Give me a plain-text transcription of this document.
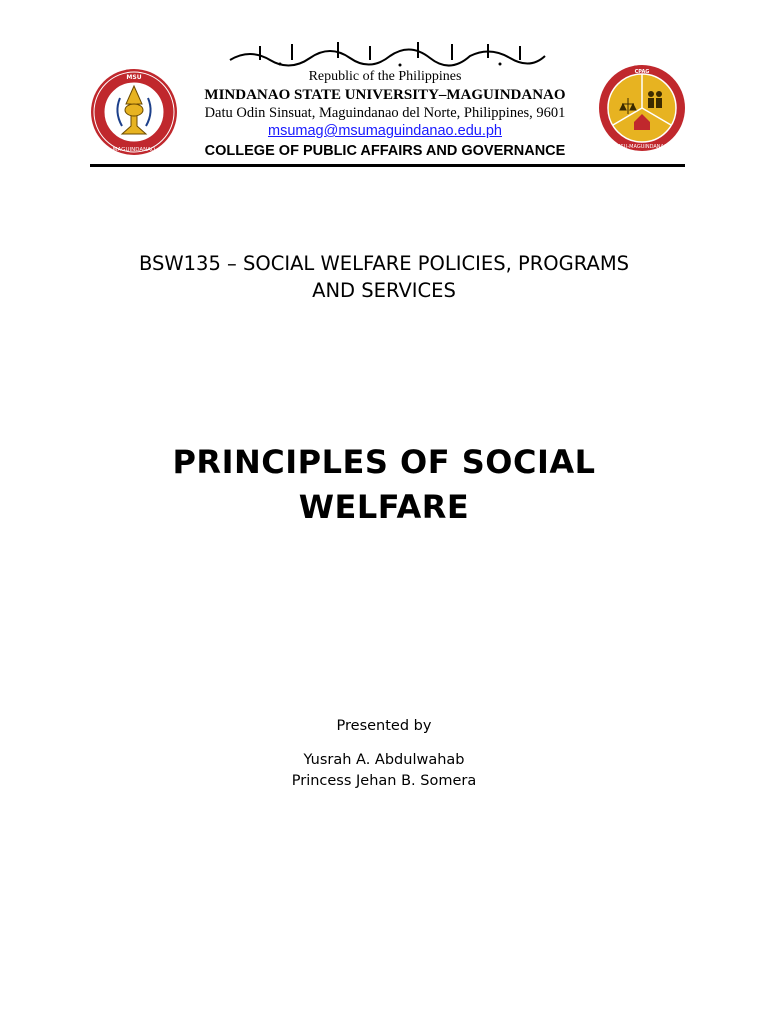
MSU
MAGUINDANAO
CPAG
MSU-MAGUINDANAO

Republic of the Philippines

MINDANAO STATE UNIVERSITY–MAGUINDANAO

Datu Odin Sinsuat, Maguindanao del Norte, Philippines, 9601

msumag@msumaguindanao.edu.ph

COLLEGE OF PUBLIC AFFAIRS AND GOVERNANCE

BSW135 – SOCIAL WELFARE POLICIES, PROGRAMS
AND SERVICES
PRINCIPLES OF SOCIAL
WELFARE
Presented by
Yusrah A. Abdulwahab
Princess Jehan B. Somera
